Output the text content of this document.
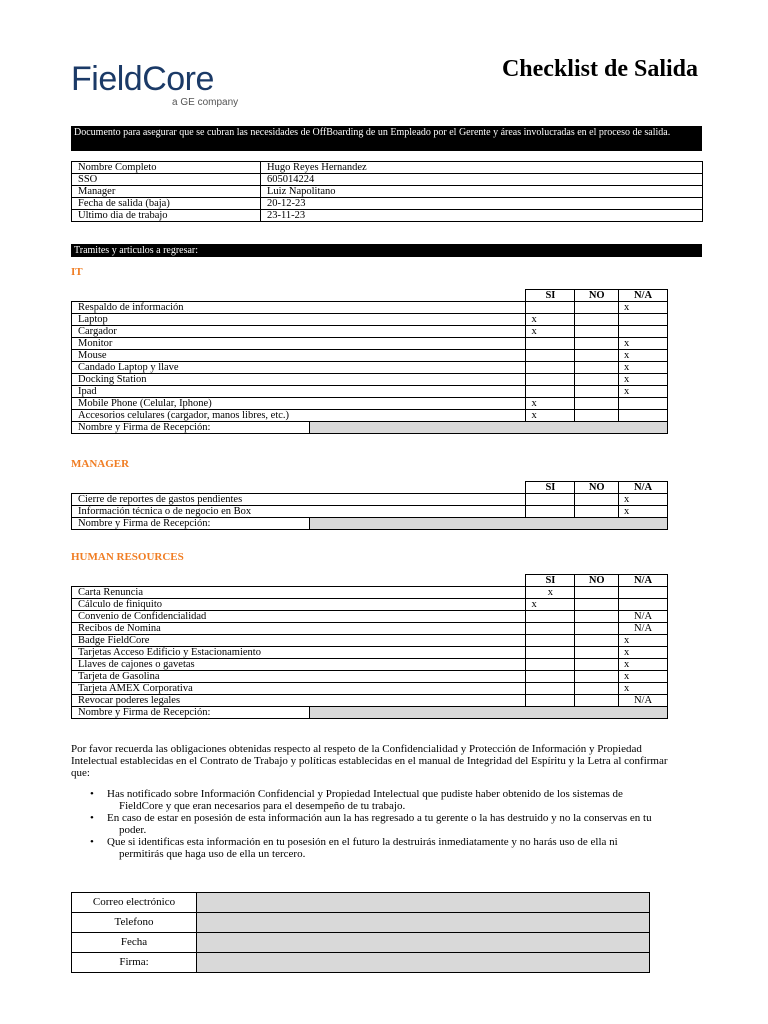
FieldCore
a GE company
Checklist de Salida
Documento para asegurar que se cubran las necesidades de OffBoarding de un Empleado por el Gerente y áreas involucradas en el proceso de salida.
Nombre Completo	Hugo Reyes Hernandez
SSO	605014224
Manager	Luiz Napolitano
Fecha de salida (baja)	20-12-23
Ultimo dia de trabajo	23-11-23
Tramites y articulos a regresar:
IT
	SI	NO	N/A
Respaldo de información			x
Laptop	x		
Cargador	x		
Monitor			x
Mouse			x
Candado Laptop y llave			x
Docking Station			x
Ipad			x
Mobile Phone (Celular, Iphone)	x		
Accesorios celulares (cargador, manos libres, etc.)	x		

Nombre y Firma de Recepción:			
MANAGER
	SI	NO	N/A
Cierre de reportes de gastos pendientes			x
Información técnica o de negocio en Box			x

Nombre y Firma de Recepción:			
HUMAN RESOURCES
	SI	NO	N/A
Carta Renuncia	x		
Cálculo de finiquito	x		
Convenio de Confidencialidad			N/A
Recibos de Nomina			N/A
Badge FieldCore			x
Tarjetas Acceso Edificio y Estacionamiento			x
Llaves de cajones o gavetas			x
Tarjeta de Gasolina			x
Tarjeta AMEX Corporativa			x
Revocar poderes legales			N/A

Nombre y Firma de Recepción:			
Por favor recuerda las obligaciones obtenidas respecto al respeto de la Confidencialidad y Protección de Información y Propiedad Intelectual establecidas en el Contrato de Trabajo y políticas establecidas en el manual de Integridad del Espíritu y la Letra al confirmar que:
• Has notificado sobre Información Confidencial y Propiedad Intelectual que pudiste haber obtenido de los sistemas de
FieldCore y que eran necesarios para el desempeño de tu trabajo.
• En caso de estar en posesión de esta información aun la has regresado a tu gerente o la has destruido y no la conservas en tu
poder.
• Que si identificas esta información en tu posesión en el futuro la destruirás inmediatamente y no harás uso de ella ni
permitirás que haga uso de ella un tercero.
Correo electrónico	
Telefono	
Fecha	
Firma:	
